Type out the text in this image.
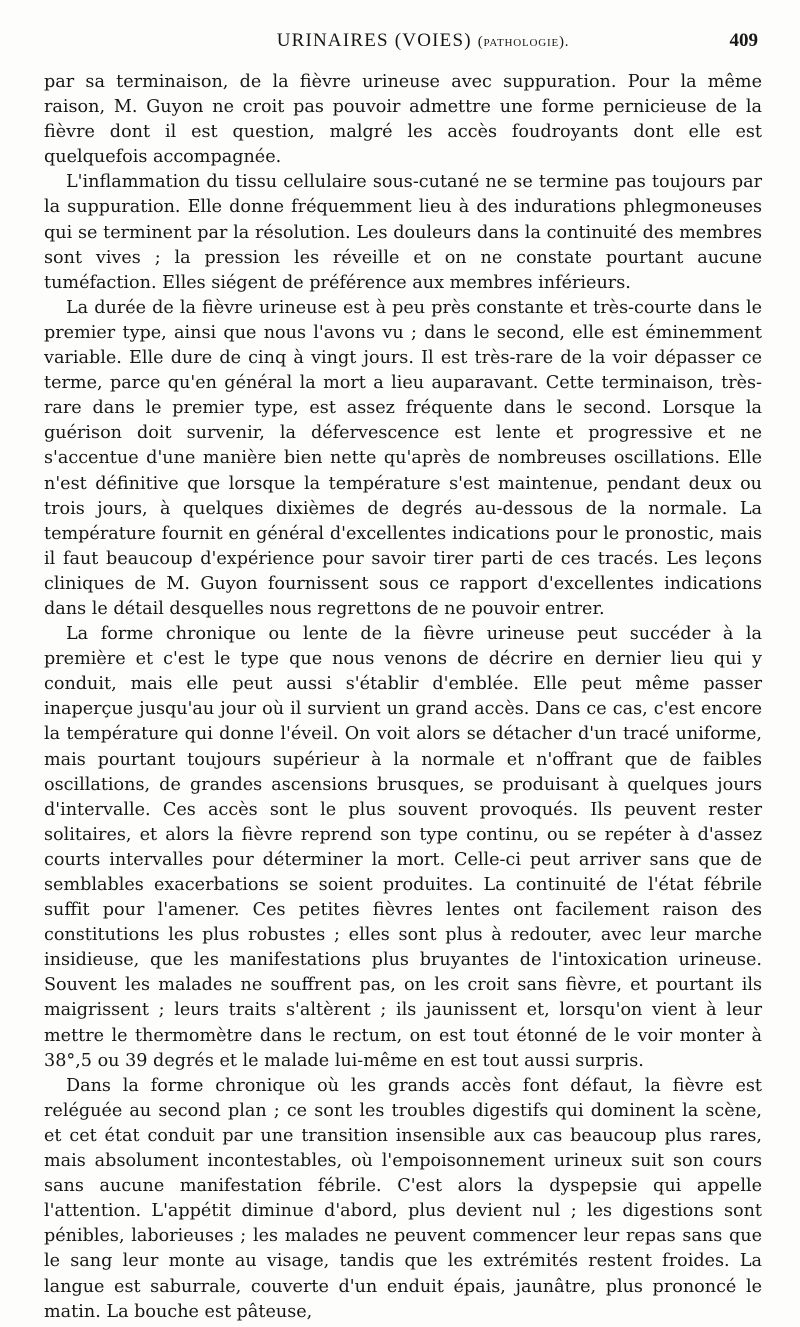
URINAIRES (VOIES) (pathologie).	409

par sa terminaison, de la fièvre urineuse avec suppuration. Pour la même raison, M. Guyon ne croit pas pouvoir admettre une forme pernicieuse de la fièvre dont il est question, malgré les accès foudroyants dont elle est quelquefois accompagnée.

L'inflammation du tissu cellulaire sous-cutané ne se termine pas toujours par la suppuration. Elle donne fréquemment lieu à des indurations phlegmoneuses qui se terminent par la résolution. Les douleurs dans la continuité des membres sont vives ; la pression les réveille et on ne constate pourtant aucune tuméfaction. Elles siégent de préférence aux membres inférieurs.

La durée de la fièvre urineuse est à peu près constante et très-courte dans le premier type, ainsi que nous l'avons vu ; dans le second, elle est éminemment variable. Elle dure de cinq à vingt jours. Il est très-rare de la voir dépasser ce terme, parce qu'en général la mort a lieu auparavant. Cette terminaison, très-rare dans le premier type, est assez fréquente dans le second. Lorsque la guérison doit survenir, la défervescence est lente et progressive et ne s'accentue d'une manière bien nette qu'après de nombreuses oscillations. Elle n'est définitive que lorsque la température s'est maintenue, pendant deux ou trois jours, à quelques dixièmes de degrés au-dessous de la normale. La température fournit en général d'excellentes indications pour le pronostic, mais il faut beaucoup d'expérience pour savoir tirer parti de ces tracés. Les leçons cliniques de M. Guyon fournissent sous ce rapport d'excellentes indications dans le détail desquelles nous regrettons de ne pouvoir entrer.

La forme chronique ou lente de la fièvre urineuse peut succéder à la première et c'est le type que nous venons de décrire en dernier lieu qui y conduit, mais elle peut aussi s'établir d'emblée. Elle peut même passer inaperçue jusqu'au jour où il survient un grand accès. Dans ce cas, c'est encore la température qui donne l'éveil. On voit alors se détacher d'un tracé uniforme, mais pourtant toujours supérieur à la normale et n'offrant que de faibles oscillations, de grandes ascensions brusques, se produisant à quelques jours d'intervalle. Ces accès sont le plus souvent provoqués. Ils peuvent rester solitaires, et alors la fièvre reprend son type continu, ou se repéter à d'assez courts intervalles pour déterminer la mort. Celle-ci peut arriver sans que de semblables exacerbations se soient produites. La continuité de l'état fébrile suffit pour l'amener. Ces petites fièvres lentes ont facilement raison des constitutions les plus robustes ; elles sont plus à redouter, avec leur marche insidieuse, que les manifestations plus bruyantes de l'intoxication urineuse. Souvent les malades ne souffrent pas, on les croit sans fièvre, et pourtant ils maigrissent ; leurs traits s'altèrent ; ils jaunissent et, lorsqu'on vient à leur mettre le thermomètre dans le rectum, on est tout étonné de le voir monter à 38°,5 ou 39 degrés et le malade lui-même en est tout aussi surpris.

Dans la forme chronique où les grands accès font défaut, la fièvre est reléguée au second plan ; ce sont les troubles digestifs qui dominent la scène, et cet état conduit par une transition insensible aux cas beaucoup plus rares, mais absolument incontestables, où l'empoisonnement urineux suit son cours sans aucune manifestation fébrile. C'est alors la dyspepsie qui appelle l'attention. L'appétit diminue d'abord, plus devient nul ; les digestions sont pénibles, laborieuses ; les malades ne peuvent commencer leur repas sans que le sang leur monte au visage, tandis que les extrémités restent froides. La langue est saburrale, couverte d'un enduit épais, jaunâtre, plus prononcé le matin. La bouche est pâteuse,
